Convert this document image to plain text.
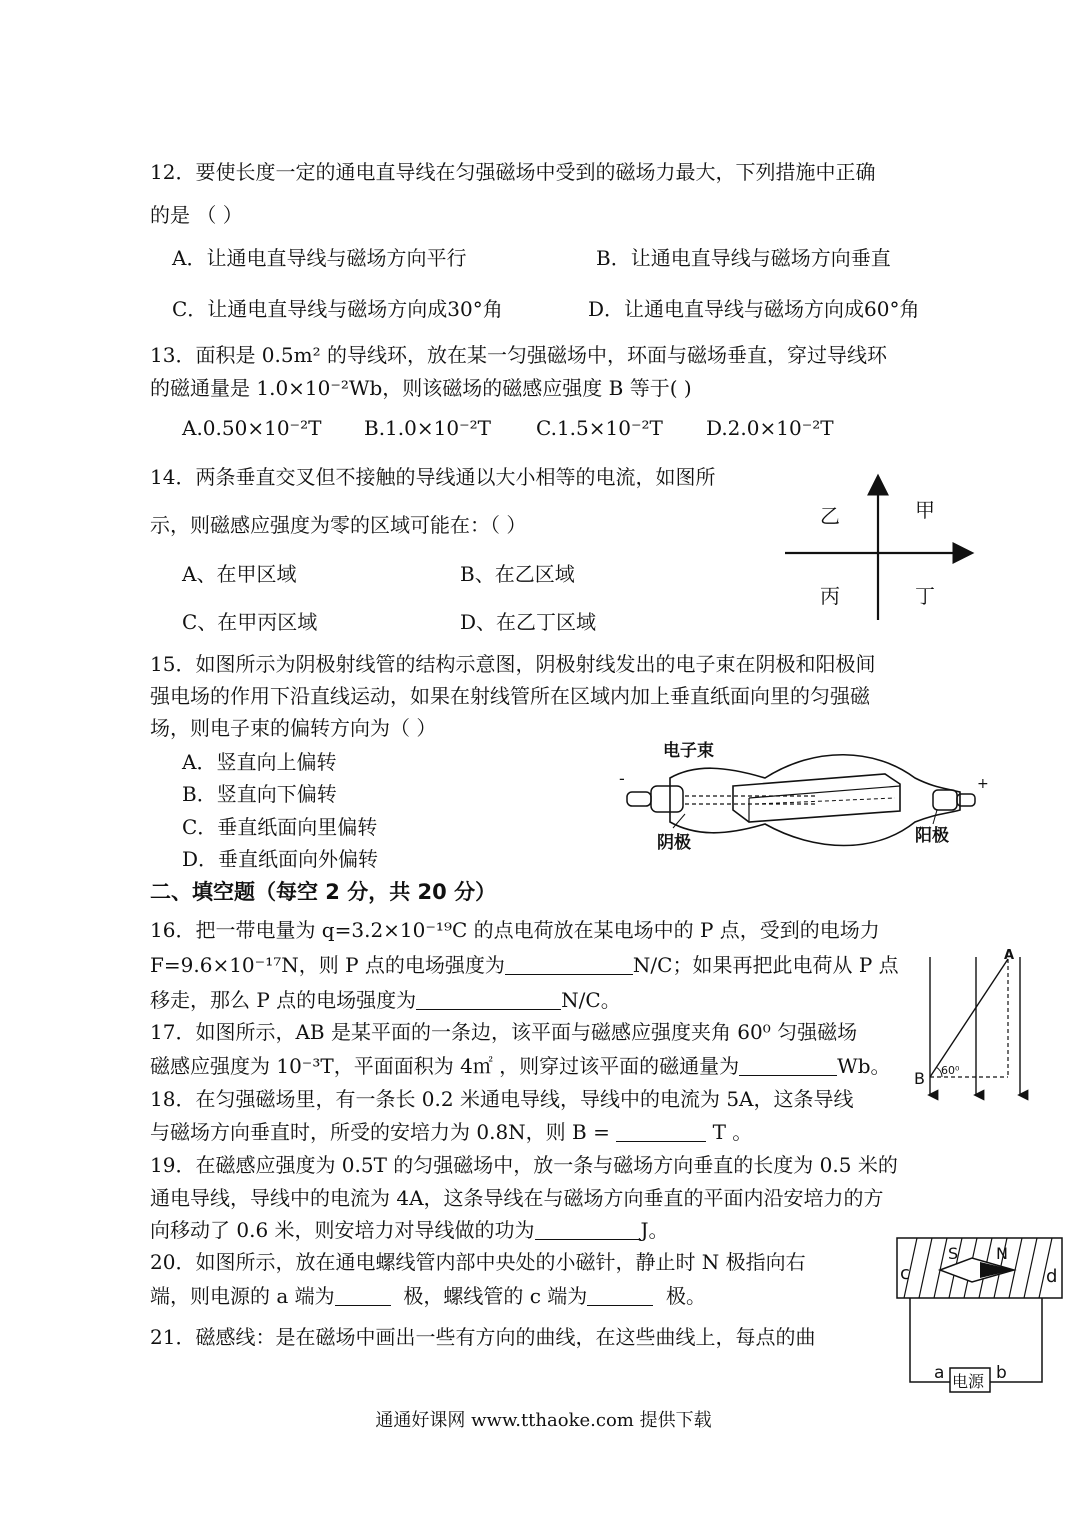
12．要使长度一定的通电直导线在匀强磁场中受到的磁场力最大，下列措施中正确
的是 （ ）
A．让通电直导线与磁场方向平行	B．让通电直导线与磁场方向垂直
C．让通电直导线与磁场方向成30°角	D．让通电直导线与磁场方向成60°角
13．面积是 0.5m² 的导线环，放在某一匀强磁场中，环面与磁场垂直，穿过导线环
的磁通量是 1.0×10⁻²Wb，则该磁场的磁感应强度 B 等于( )
A.0.50×10⁻²T B.1.0×10⁻²T C.1.5×10⁻²T D.2.0×10⁻²T
14．两条垂直交叉但不接触的导线通以大小相等的电流，如图所
示，则磁感应强度为零的区域可能在：（ ）
A、在甲区域	B、在乙区域
C、在甲丙区域	D、在乙丁区域
甲
乙
丙	丁
15．如图所示为阴极射线管的结构示意图，阴极射线发出的电子束在阴极和阳极间
强电场的作用下沿直线运动，如果在射线管所在区域内加上垂直纸面向里的匀强磁
场，则电子束的偏转方向为（ ）
A．竖直向上偏转
B．竖直向下偏转
C．垂直纸面向里偏转
D．垂直纸面向外偏转
电子束
-	+
阴极	阳极
二、填空题（每空 2 分，共 20 分）
16．把一带电量为 q=3.2×10⁻¹⁹C 的点电荷放在某电场中的 P 点，受到的电场力
F=9.6×10⁻¹⁷N，则 P 点的电场强度为	N/C；如果再把此电荷从 P 点
移走，那么 P 点的电场强度为	N/C。
17．如图所示，AB 是某平面的一条边，该平面与磁感应强度夹角 60⁰ 匀强磁场
磁感应强度为 10⁻³T，平面面积为 4㎡ ，则穿过该平面的磁通量为	Wb。
A
B 60⁰
18．在匀强磁场里，有一条长 0.2 米通电导线，导线中的电流为 5A，这条导线
与磁场方向垂直时，所受的安培力为 0.8N，则 B =	T 。
19．在磁感应强度为 0.5T 的匀强磁场中，放一条与磁场方向垂直的长度为 0.5 米的
通电导线，导线中的电流为 4A，这条导线在与磁场方向垂直的平面内沿安培力的方
向移动了 0.6 米，则安培力对导线做的功为	J。
20．如图所示，放在通电螺线管内部中央处的小磁针，静止时 N 极指向右
端，则电源的 a 端为	极，螺线管的 c 端为	极。
S N
c	d
电源
a	b
21．磁感线：是在磁场中画出一些有方向的曲线，在这些曲线上，每点的曲
通通好课网 www.tthaoke.com 提供下载
